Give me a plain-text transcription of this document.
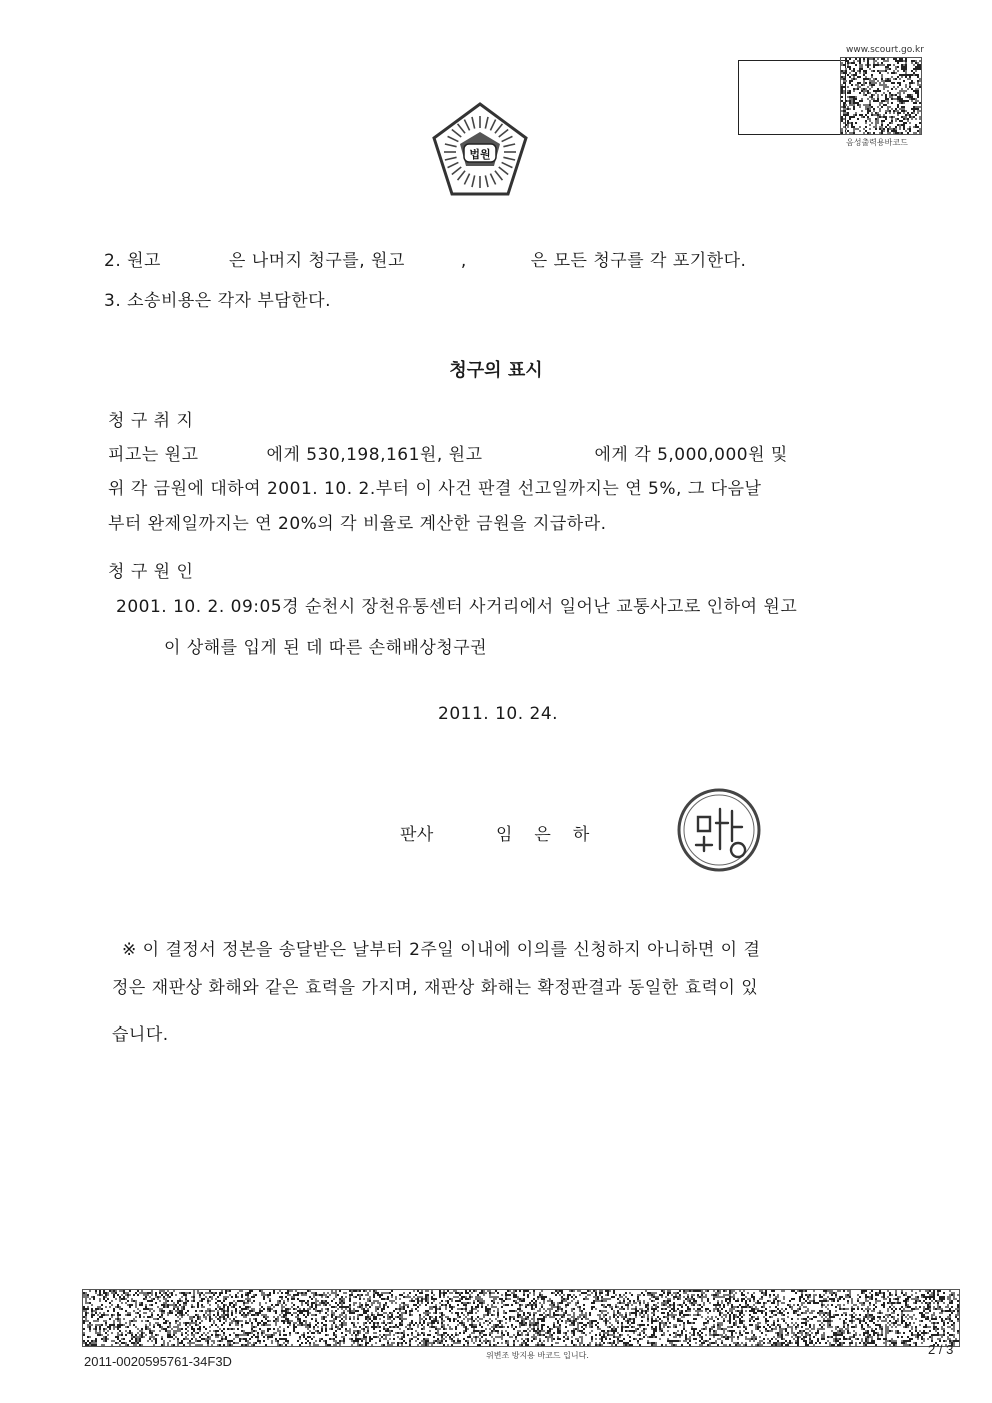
www.scourt.go.kr
음성출력용바코드
법원
2. 원고	은 나머지 청구를, 원고	,	은 모든 청구를 각 포기한다.
3. 소송비용은 각자 부담한다.
청구의 표시
청 구 취 지
피고는 원고	에게 530,198,161원, 원고	에게 각 5,000,000원 및
위 각 금원에 대하여 2001. 10. 2.부터 이 사건 판결 선고일까지는 연 5%, 그 다음날
부터 완제일까지는 연 20%의 각 비율로 계산한 금원을 지급하라.
청 구 원 인
2001. 10. 2. 09:05경 순천시 장천유통센터 사거리에서 일어난 교통사고로 인하여 원고
이 상해를 입게 된 데 따른 손해배상청구권
2011. 10. 24.
판사	임은하
※ 이 결정서 정본을 송달받은 날부터 2주일 이내에 이의를 신청하지 아니하면 이 결
정은 재판상 화해와 같은 효력을 가지며, 재판상 화해는 확정판결과 동일한 효력이 있
습니다.
2011-0020595761-34F3D	위변조 방지용 바코드 입니다.	2 / 3
